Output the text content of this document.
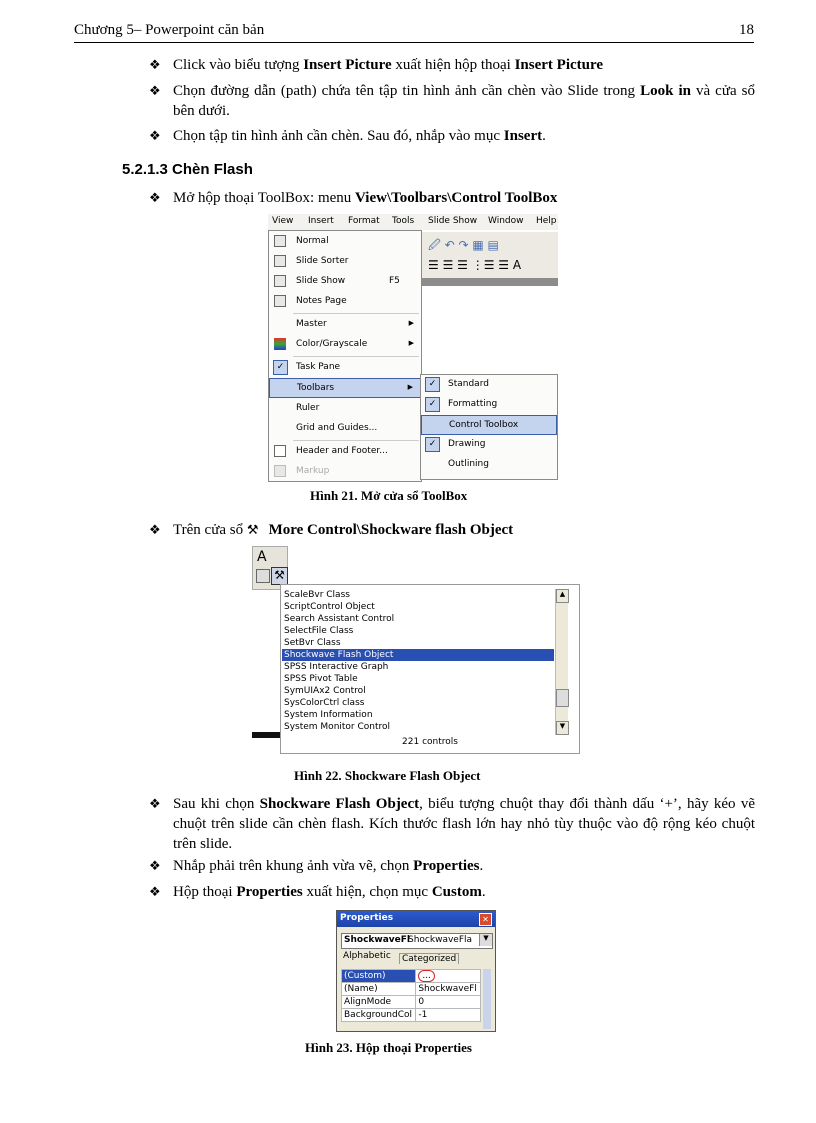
Chương 5– Powerpoint căn bản	18
❖ Click vào biểu tượng Insert Picture xuất hiện hộp thoại Insert Picture
❖ Chọn đường dẫn (path) chứa tên tập tin hình ảnh cần chèn vào Slide trong Look in và cửa sổ bên dưới.
❖ Chọn tập tin hình ảnh cần chèn. Sau đó, nhắp vào mục Insert.
5.2.1.3 Chèn Flash
❖ Mở hộp thoại ToolBox: menu View\Toolbars\Control ToolBox
View Insert Format Tools Slide Show Window Help
🖉 ↶ ↷ ▦ ▤
☰ ☰ ☰ ⋮☰ ☰ A
Normal
Slide Sorter
Slide Show	F5
Notes Page
Master	▶
Color/Grayscale	▶
✓	Task Pane
Toolbars	▶
Ruler
Grid and Guides...
Header and Footer...
Markup
✓	Standard
✓	Formatting
Control Toolbox
✓	Drawing
Outlining
Hình 21. Mở cửa sổ ToolBox
❖ Trên cửa sổ ⚒ More Control\Shockware flash Object
A
⚒
ScaleBvr Class
ScriptControl Object
Search Assistant Control
SelectFile Class
SetBvr Class
Shockwave Flash Object
SPSS Interactive Graph
SPSS Pivot Table
SymUIAx2 Control
SysColorCtrl class
System Information
System Monitor Control
▲
▼
221 controls
Hình 22. Shockware Flash Object
❖ Sau khi chọn Shockware Flash Object, biểu tượng chuột thay đổi thành dấu ‘+’, hãy kéo vẽ chuột trên slide cần chèn flash. Kích thước flash lớn hay nhỏ tùy thuộc vào độ rộng kéo chuột trên slide.
❖ Nhắp phải trên khung ảnh vừa vẽ, chọn Properties.
❖ Hộp thoại Properties xuất hiện, chọn mục Custom.
Properties	✕
ShockwaveFl
ShockwaveFla	▼
Alphabetic	Categorized
(Custom)	...
(Name)	ShockwaveFl
AlignMode	0
BackgroundCol	-1
Hình 23. Hộp thoại Properties
